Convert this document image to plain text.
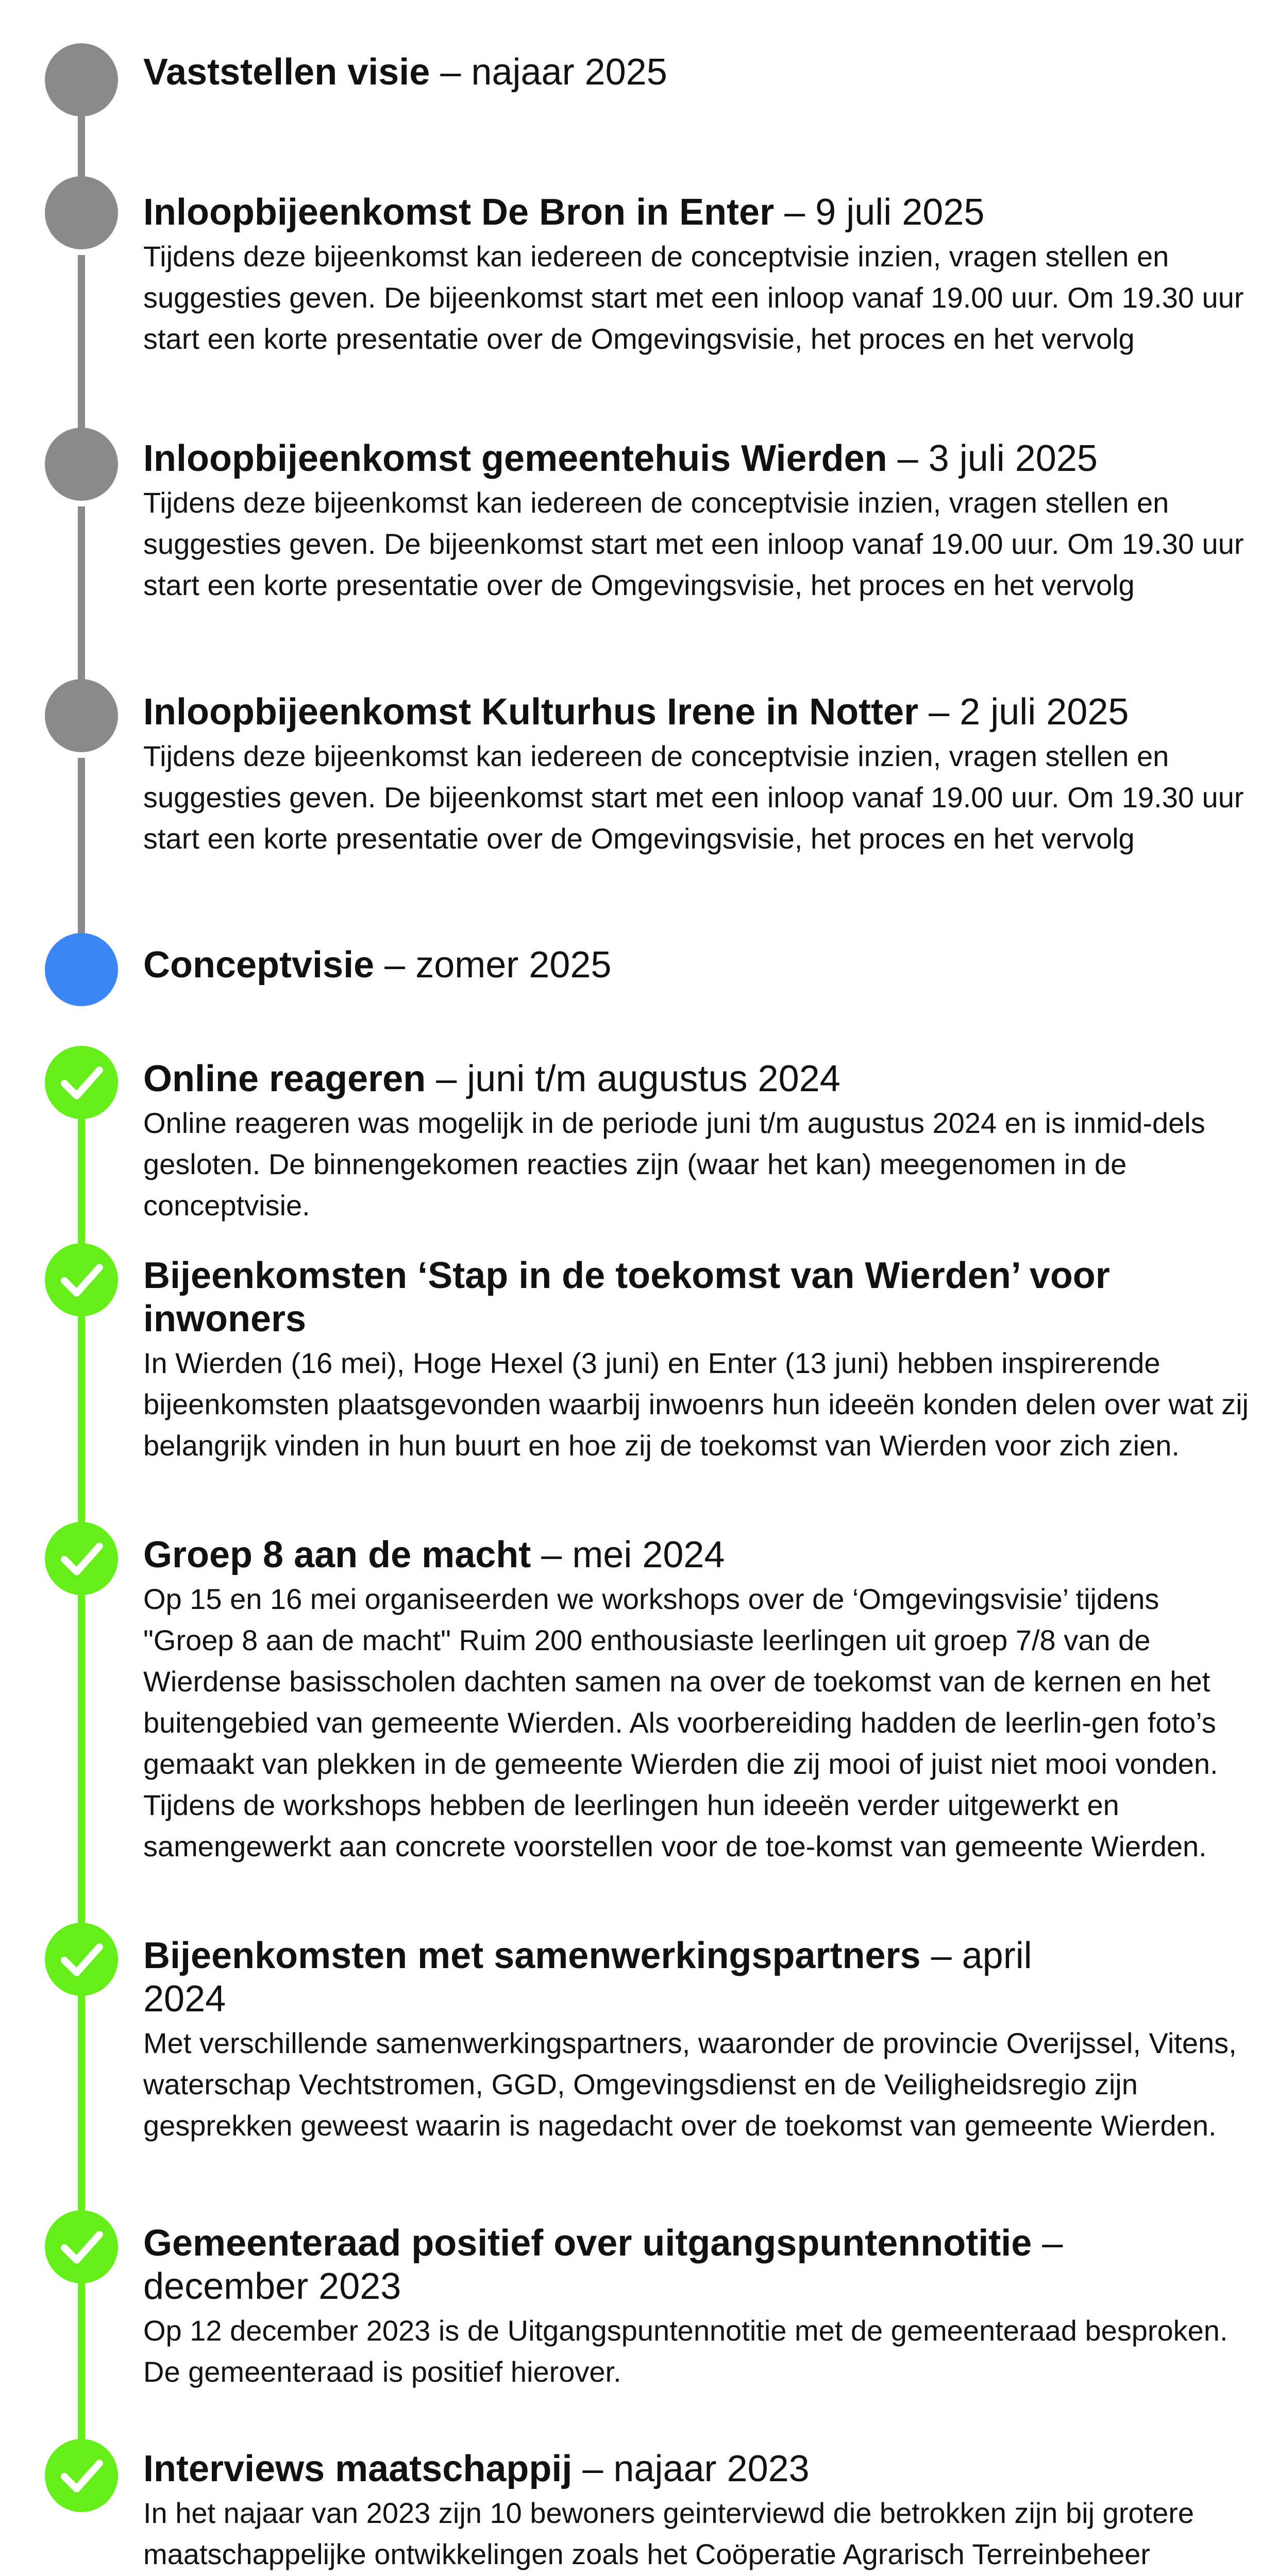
Vaststellen visie – najaar 2025

Inloopbijeenkomst De Bron in Enter – 9 juli 2025

Tijdens deze bijeenkomst kan iedereen de conceptvisie inzien, vragen stellen en suggesties geven. De bijeenkomst start met een inloop vanaf 19.00 uur. Om 19.30 uur start een korte presentatie over de Omgevingsvisie, het proces en het vervolg

Inloopbijeenkomst gemeentehuis Wierden – 3 juli 2025

Tijdens deze bijeenkomst kan iedereen de conceptvisie inzien, vragen stellen en suggesties geven. De bijeenkomst start met een inloop vanaf 19.00 uur. Om 19.30 uur start een korte presentatie over de Omgevingsvisie, het proces en het vervolg

Inloopbijeenkomst Kulturhus Irene in Notter – 2 juli 2025

Tijdens deze bijeenkomst kan iedereen de conceptvisie inzien, vragen stellen en suggesties geven. De bijeenkomst start met een inloop vanaf 19.00 uur. Om 19.30 uur start een korte presentatie over de Omgevingsvisie, het proces en het vervolg

Conceptvisie – zomer 2025

Online reageren – juni t/m augustus 2024

Online reageren was mogelijk in de periode juni t/m augustus 2024 en is inmid-dels gesloten. De binnengekomen reacties zijn (waar het kan) meegenomen in de conceptvisie.

Bijeenkomsten ‘Stap in de toekomst van Wierden’ voor inwoners

In Wierden (16 mei), Hoge Hexel (3 juni) en Enter (13 juni) hebben inspirerende bijeenkomsten plaatsgevonden waarbij inwoenrs hun ideeën konden delen over wat zij belangrijk vinden in hun buurt en hoe zij de toekomst van Wierden voor zich zien.

Groep 8 aan de macht – mei 2024

Op 15 en 16 mei organiseerden we workshops over de ‘Omgevingsvisie’ tijdens "Groep 8 aan de macht" Ruim 200 enthousiaste leerlingen uit groep 7/8 van de Wierdense basisscholen dachten samen na over de toekomst van de kernen en het buitengebied van gemeente Wierden. Als voorbereiding hadden de leerlin-gen foto’s gemaakt van plekken in de gemeente Wierden die zij mooi of juist niet mooi vonden. Tijdens de workshops hebben de leerlingen hun ideeën verder uitgewerkt en samengewerkt aan concrete voorstellen voor de toe-komst van gemeente Wierden.

Bijeenkomsten met samenwerkingspartners – april 2024

Met verschillende samenwerkingspartners, waaronder de provincie Overijssel, Vitens, waterschap Vechtstromen, GGD, Omgevingsdienst en de Veiligheidsregio zijn gesprekken geweest waarin is nagedacht over de toekomst van gemeente Wierden.

Gemeenteraad positief over uitgangspuntennotitie – december 2023

Op 12 december 2023 is de Uitgangspuntennotitie met de gemeenteraad besproken. De gemeenteraad is positief hierover.

Interviews maatschappij – najaar 2023

In het najaar van 2023 zijn 10 bewoners geinterviewd die betrokken zijn bij grotere maatschappelijke ontwikkelingen zoals het Coöperatie Agrarisch Terreinbeheer
